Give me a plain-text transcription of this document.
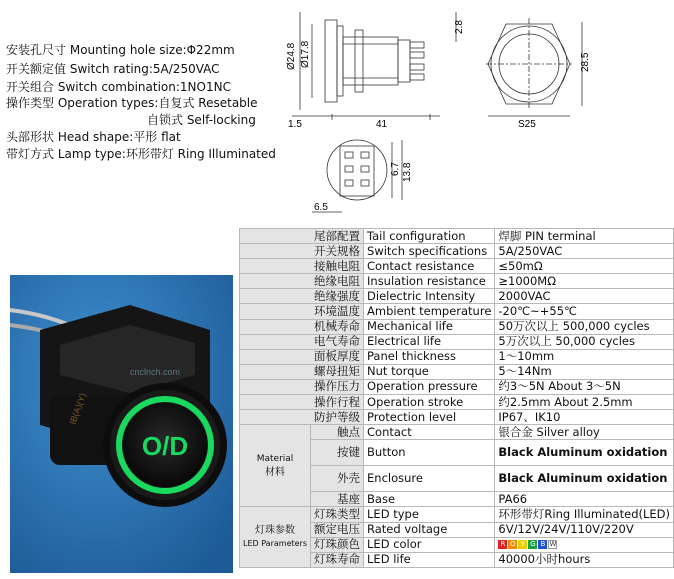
安装孔尺寸 Mounting hole size:Φ22mm
开关额定值 Switch rating:5A/250VAC
开关组合 Switch combination:1NO1NC
操作类型 Operation types:自复式 Resetable
自锁式 Self-locking
头部形状 Head shape:平形 flat
带灯方式 Lamp type:环形带灯 Ring Illuminated
Ø24.8 Ø17.8
2.8
1.5	41
28.5
S25
6.7 13.8
6.5
O/D
IB(A)(Y)
cnclnch.com
尾部配置		Tail configuration	焊脚 PIN terminal
开关规格		Switch specifications	5A/250VAC
接触电阻		Contact resistance	≤50mΩ
绝缘电阻		Insulation resistance	≥1000MΩ
绝缘强度		Dielectric Intensity	2000VAC
环境温度		Ambient temperature	-20℃~+55℃
机械寿命		Mechanical life	50万次以上 500,000 cycles
电气寿命		Electrical life	5万次以上 50,000 cycles
面板厚度		Panel thickness	1～10mm
螺母扭矩		Nut torque	5～14Nm
操作压力		Operation pressure	约3～5N About 3～5N
操作行程		Operation stroke	约2.5mm About 2.5mm
防护等级		Protection level	IP67、IK10

Material
材料	触点	Contact	银合金 Silver alloy
	按键	Button	Black Aluminum oxidation
	外壳	Enclosure	Black Aluminum oxidation
	基座	Base	PA66
灯珠参数
LED Parameters	灯珠类型	LED type	环形带灯Ring Illuminated(LED)
	额定电压	Rated voltage	6V/12V/24V/110V/220V
	灯珠颜色	LED color	R O Y G B W
	灯珠寿命	LED life	40000小时hours
